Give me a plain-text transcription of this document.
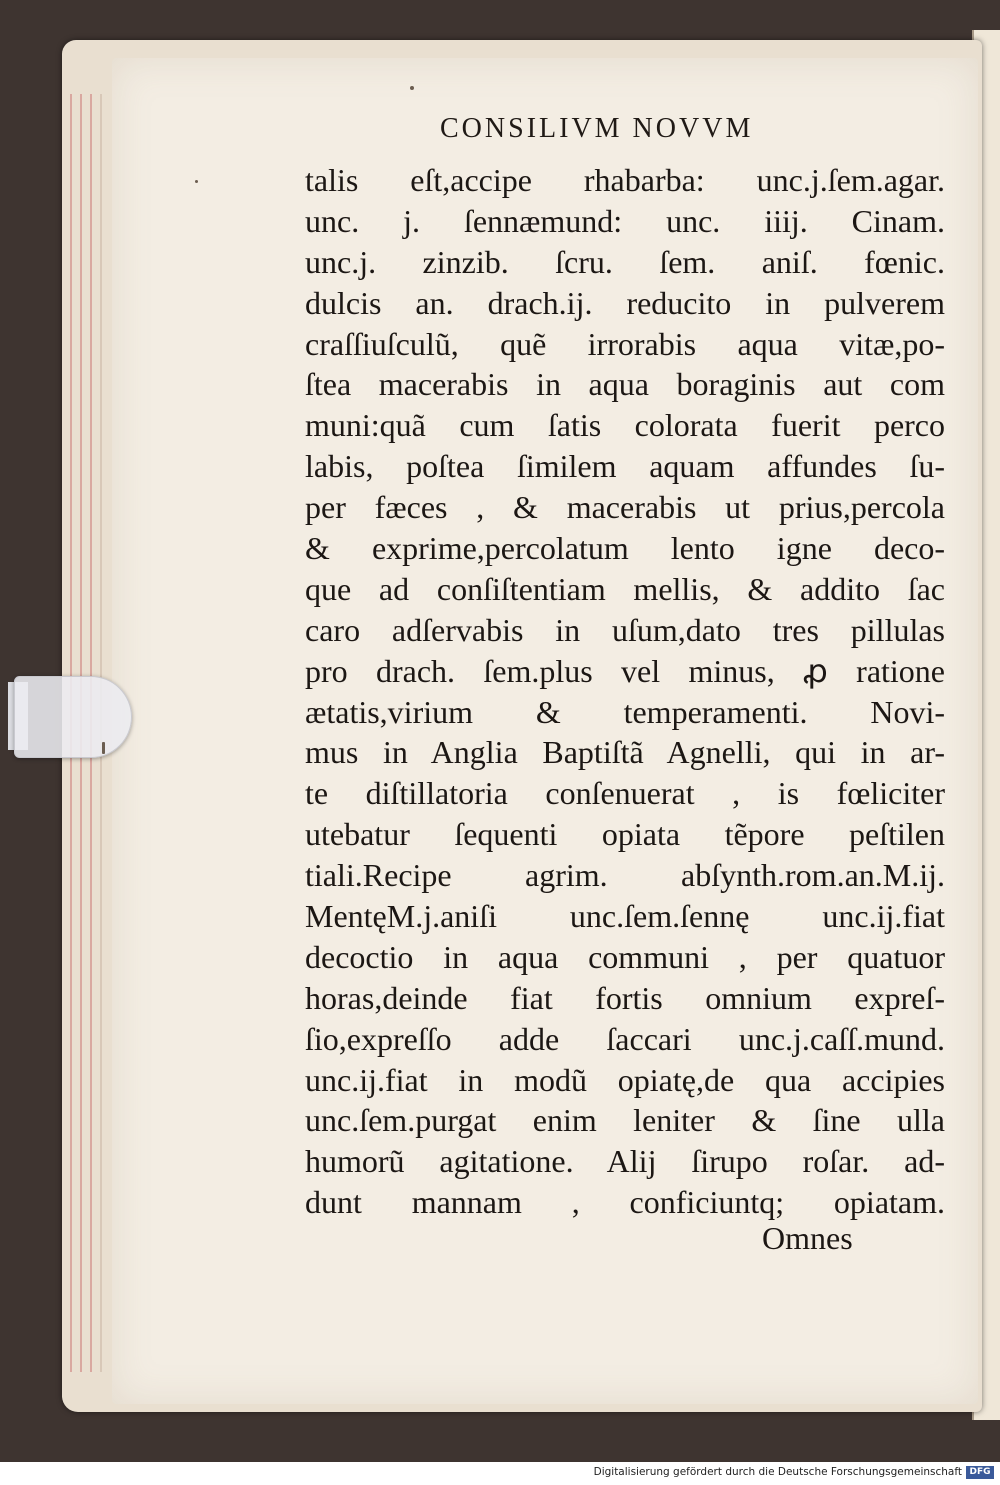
CONSILIVM NOVVM
talis eſt,accipe rhabarba: unc.j.ſem.agar.
unc. j. ſennæmund: unc. iiij. Cinam.
unc.j. zinzib. ſcru. ſem. aniſ. fœnic.
dulcis an. drach.ij. reducito in pulverem
craſſiuſculũ, quẽ irrorabis aqua vitæ,po-
ſtea macerabis in aqua boraginis aut com
muni:quã cum ſatis colorata fuerit perco
labis, poſtea ſimilem aquam affundes ſu-
per fæces , & macerabis ut prius,percola
& exprime,percolatum lento igne deco-
que ad conſiſtentiam mellis, & addito ſac
caro adſervabis in uſum,dato tres pillulas
pro drach. ſem.plus vel minus, ꝓ ratione
ætatis,virium & temperamenti. Novi-
mus in Anglia Baptiſtã Agnelli, qui in ar-
te diſtillatoria conſenuerat , is fœliciter
utebatur ſequenti opiata tẽpore peſtilen
tiali.Recipe agrim. abſynth.rom.an.M.ij.
MentęM.j.aniſi unc.ſem.ſennę unc.ij.fiat
decoctio in aqua communi , per quatuor
horas,deinde fiat fortis omnium expreſ-
ſio,expreſſo adde ſaccari unc.j.caſſ.mund.
unc.ij.fiat in modũ opiatę,de qua accipies
unc.ſem.purgat enim leniter & ſine ulla
humorũ agitatione. Alij ſirupo roſar. ad-
dunt mannam , conficiuntq; opiatam.
Omnes
Digitalisierung gefördert durch die Deutsche Forschungsgemeinschaft DFG
